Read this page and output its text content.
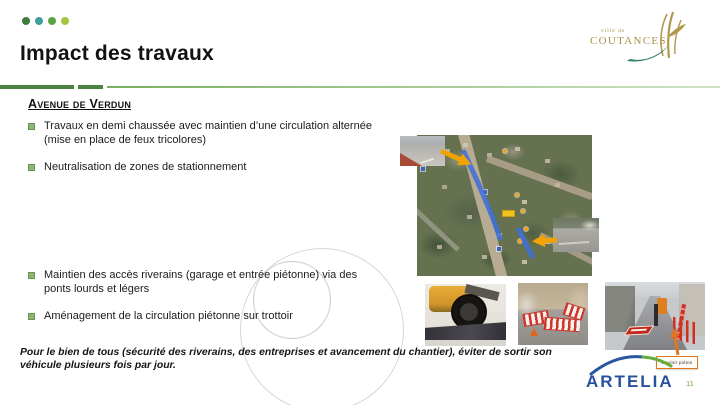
Impact des travaux
ville de
COUTANCES
Avenue de Verdun
Travaux en demi chaussée avec maintien d’une circulation alternée (mise en place de feux tricolores)
Neutralisation de zones de stationnement
Maintien des accès riverains (garage et entrée piétonne) via des ponts lourds et légers
Aménagement de la circulation piétonne sur trottoir
Pour le bien de tous (sécurité des riverains, des entreprises et avancement du chantier), éviter de sortir son véhicule plusieurs fois par jour.	Couloir piéton
ARTELIA 11
